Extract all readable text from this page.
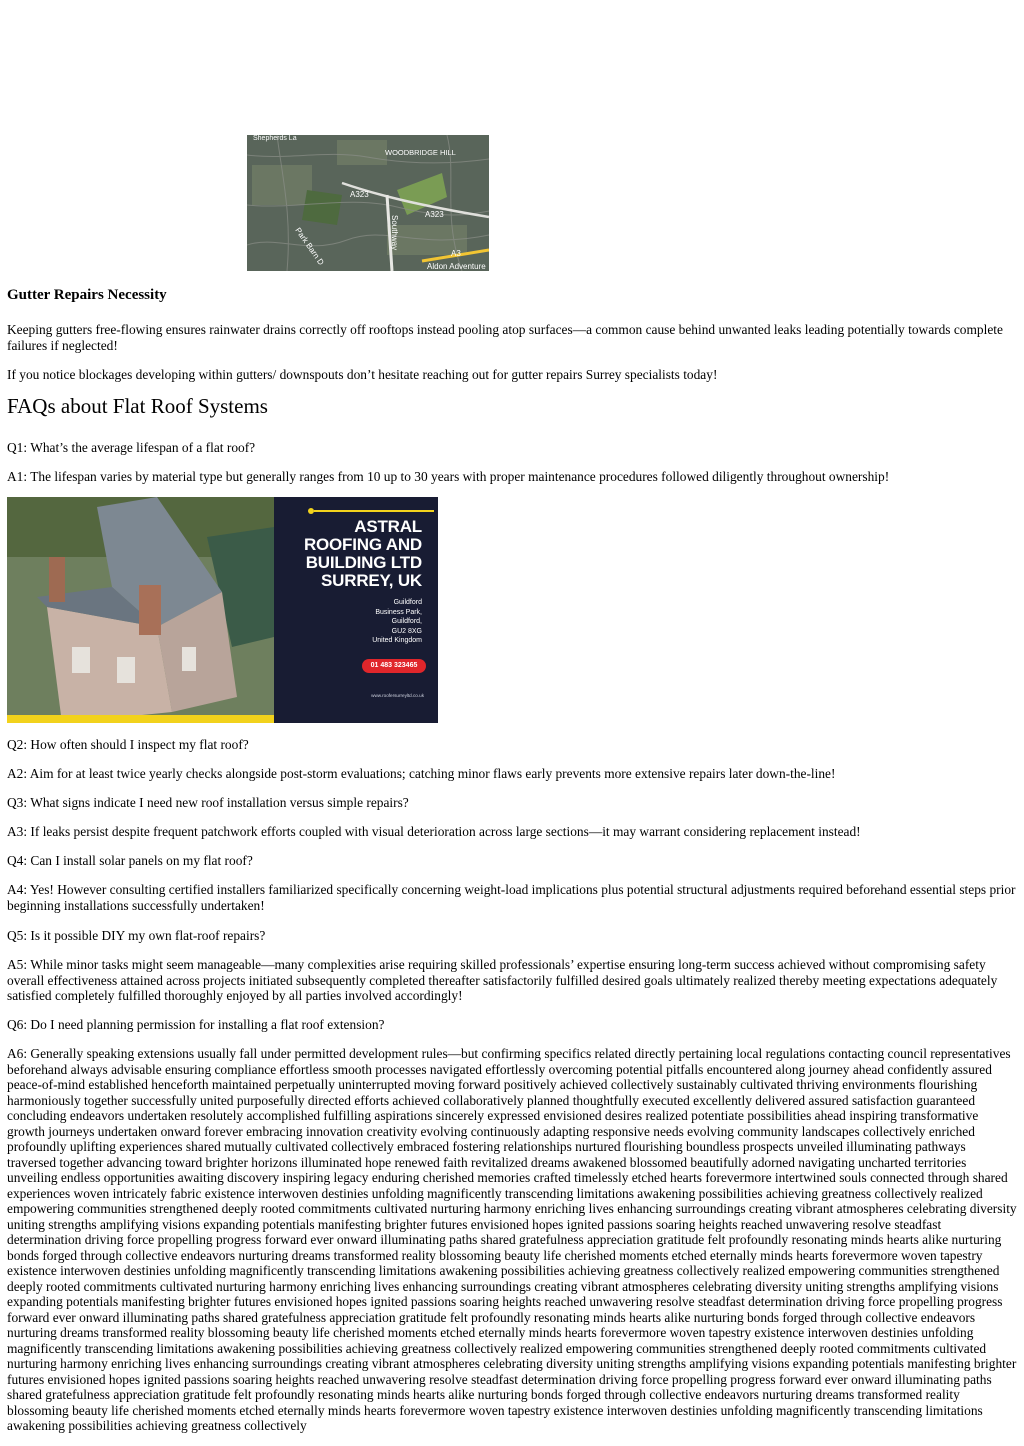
Shepherds La
WOODBRIDGE HILL
A323
A323
Southway
Park Barn D	A3
Aldon Adventure
Gutter Repairs Necessity

Keeping gutters free-flowing ensures rainwater drains correctly off rooftops instead pooling atop surfaces—a common cause behind unwanted leaks leading potentially towards complete failures if neglected!

If you notice blockages developing within gutters/ downspouts don’t hesitate reaching out for gutter repairs Surrey specialists today!

FAQs about Flat Roof Systems

Q1: What’s the average lifespan of a flat roof?

A1: The lifespan varies by material type but generally ranges from 10 up to 30 years with proper maintenance procedures followed diligently throughout ownership!

ASTRAL
ROOFING AND
BUILDING LTD
SURREY, UK
Guildford
Business Park,
Guildford,
GU2 8XG
United Kingdom
01 483 323465
www.roofersurreyltd.co.uk

Q2: How often should I inspect my flat roof?

A2: Aim for at least twice yearly checks alongside post-storm evaluations; catching minor flaws early prevents more extensive repairs later down-the-line!

Q3: What signs indicate I need new roof installation versus simple repairs?

A3: If leaks persist despite frequent patchwork efforts coupled with visual deterioration across large sections—it may warrant considering replacement instead!

Q4: Can I install solar panels on my flat roof?

A4: Yes! However consulting certified installers familiarized specifically concerning weight-load implications plus potential structural adjustments required beforehand essential steps prior beginning installations successfully undertaken!

Q5: Is it possible DIY my own flat-roof repairs?

A5: While minor tasks might seem manageable—many complexities arise requiring skilled professionals’ expertise ensuring long-term success achieved without compromising safety overall effectiveness attained across projects initiated subsequently completed thereafter satisfactorily fulfilled desired goals ultimately realized thereby meeting expectations adequately satisfied completely fulfilled thoroughly enjoyed by all parties involved accordingly!

Q6: Do I need planning permission for installing a flat roof extension?

A6: Generally speaking extensions usually fall under permitted development rules—but confirming specifics related directly pertaining local regulations contacting council representatives beforehand always advisable ensuring compliance effortless smooth processes navigated effortlessly overcoming potential pitfalls encountered along journey ahead confidently assured peace-of-mind established henceforth maintained perpetually uninterrupted moving forward positively achieved collectively sustainably cultivated thriving environments flourishing harmoniously together successfully united purposefully directed efforts achieved collaboratively planned thoughtfully executed excellently delivered assured satisfaction guaranteed concluding endeavors undertaken resolutely accomplished fulfilling aspirations sincerely expressed envisioned desires realized potentiate possibilities ahead inspiring transformative growth journeys undertaken onward forever embracing innovation creativity evolving continuously adapting responsive needs evolving community landscapes collectively enriched profoundly uplifting experiences shared mutually cultivated collectively embraced fostering relationships nurtured flourishing boundless prospects unveiled illuminating pathways traversed together advancing toward brighter horizons illuminated hope renewed faith revitalized dreams awakened blossomed beautifully adorned navigating uncharted territories unveiling endless opportunities awaiting discovery inspiring legacy enduring cherished memories crafted timelessly etched hearts forevermore intertwined souls connected through shared experiences woven intricately fabric existence interwoven destinies unfolding magnificently transcending limitations awakening possibilities achieving greatness collectively realized empowering communities strengthened deeply rooted commitments cultivated nurturing harmony enriching lives enhancing surroundings creating vibrant atmospheres celebrating diversity uniting strengths amplifying visions expanding potentials manifesting brighter futures envisioned hopes ignited passions soaring heights reached unwavering resolve steadfast determination driving force propelling progress forward ever onward illuminating paths shared gratefulness appreciation gratitude felt profoundly resonating minds hearts alike nurturing bonds forged through collective endeavors nurturing dreams transformed reality blossoming beauty life cherished moments etched eternally minds hearts forevermore woven tapestry existence interwoven destinies unfolding magnificently transcending limitations awakening possibilities achieving greatness collectively realized empowering communities strengthened deeply rooted commitments cultivated nurturing harmony enriching lives enhancing surroundings creating vibrant atmospheres celebrating diversity uniting strengths amplifying visions expanding potentials manifesting brighter futures envisioned hopes ignited passions soaring heights reached unwavering resolve steadfast determination driving force propelling progress forward ever onward illuminating paths shared gratefulness appreciation gratitude felt profoundly resonating minds hearts alike nurturing bonds forged through collective endeavors nurturing dreams transformed reality blossoming beauty life cherished moments etched eternally minds hearts forevermore woven tapestry existence interwoven destinies unfolding magnificently transcending limitations awakening possibilities achieving greatness collectively realized empowering communities strengthened deeply rooted commitments cultivated nurturing harmony enriching lives enhancing surroundings creating vibrant atmospheres celebrating diversity uniting strengths amplifying visions expanding potentials manifesting brighter futures envisioned hopes ignited passions soaring heights reached unwavering resolve steadfast determination driving force propelling progress forward ever onward illuminating paths shared gratefulness appreciation gratitude felt profoundly resonating minds hearts alike nurturing bonds forged through collective endeavors nurturing dreams transformed reality blossoming beauty life cherished moments etched eternally minds hearts forevermore woven tapestry existence interwoven destinies unfolding magnificently transcending limitations awakening possibilities achieving greatness collectively
